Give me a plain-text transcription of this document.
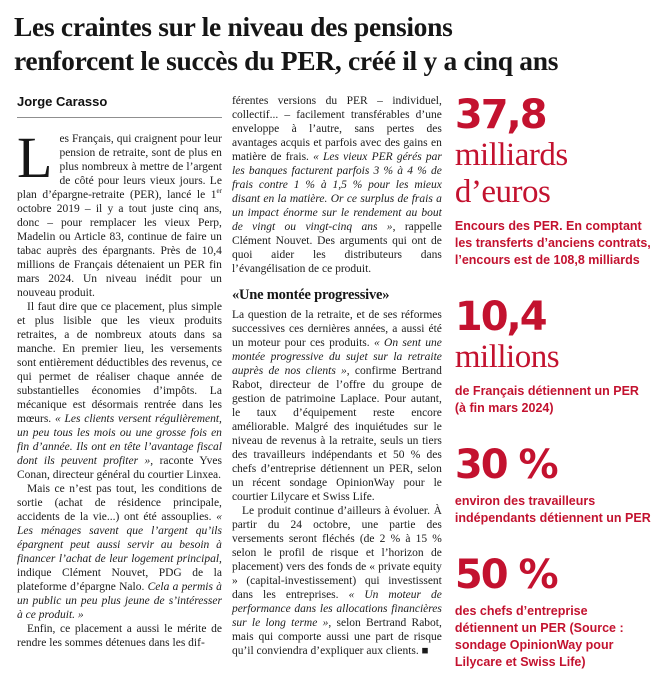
Les craintes sur le niveau des pensions
renforcent le succès du PER, créé il y a cinq ans
Jorge Carasso

Les Français, qui craignent pour leur pension de retraite, sont de plus en plus nombreux à mettre de l’argent de côté pour leurs vieux jours. Le plan d’épargne-retraite (PER), lancé le 1er octobre 2019 – il y a tout juste cinq ans, donc – pour remplacer les vieux Perp, Madelin ou Article 83, continue de faire un tabac auprès des épargnants. Près de 10,4 millions de Français détenaient un PER fin mars 2024. Un niveau inédit pour un nouveau produit.

Il faut dire que ce placement, plus simple et plus lisible que les vieux produits retraites, a de nombreux atouts dans sa manche. En premier lieu, les versements sont entièrement déductibles des revenus, ce qui permet de réaliser chaque année de substantielles économies d’impôts. La mécanique est désormais rentrée dans les mœurs. « Les clients versent régulièrement, un peu tous les mois ou une grosse fois en fin d’année. Ils ont en tête l’avantage fiscal dont ils peuvent profiter », raconte Yves Conan, directeur général du courtier Linxea.

Mais ce n’est pas tout, les conditions de sortie (achat de résidence principale, accidents de la vie...) ont été assouplies. « Les ménages savent que l’argent qu’ils épargnent peut aussi servir au besoin à financer l’achat de leur logement principal, indique Clément Nouvet, PDG de la plateforme d’épargne Nalo. Cela a permis à un public un peu plus jeune de s’intéresser à ce produit. »

Enfin, ce placement a aussi le mérite de rendre les sommes détenues dans les dif-

férentes versions du PER – individuel, collectif... – facilement transférables d’une enveloppe à l’autre, sans pertes des avantages acquis et parfois avec des gains en matière de frais. « Les vieux PER gérés par les banques facturent parfois 3 % à 4 % de frais contre 1 % à 1,5 % pour les mieux disant en la matière. Or ce surplus de frais a un impact énorme sur le rendement au bout de vingt ou vingt-cinq ans », rappelle Clément Nouvet. Des arguments qui ont de quoi aider les distributeurs dans l’évangélisation de ce produit.

«Une montée progressive»

La question de la retraite, et de ses réformes successives ces dernières années, a aussi été un moteur pour ces produits. « On sent une montée progressive du sujet sur la retraite auprès de nos clients », confirme Bertrand Rabot, directeur de l’offre du groupe de gestion de patrimoine Laplace. Pour autant, le taux d’équipement reste encore améliorable. Malgré des inquiétudes sur le niveau de revenus à la retraite, seuls un tiers des travailleurs indépendants et 50 % des chefs d’entreprise détiennent un PER, selon un récent sondage OpinionWay pour le courtier Lilycare et Swiss Life.

Le produit continue d’ailleurs à évoluer. À partir du 24 octobre, une partie des versements seront fléchés (de 2 % à 15 % selon le profil de risque et l’horizon de placement) vers des fonds de « private equity » (capital-investissement) qui investissent dans les entreprises. « Un moteur de performance dans les allocations financières sur le long terme », selon Bertrand Rabot, mais qui comporte aussi une part de risque qu’il conviendra d’expliquer aux clients. ■

37,8
milliards d’euros
Encours des PER. En comptant les transferts d’anciens contrats, l’encours est de 108,8 milliards
10,4
millions
de Français détiennent un PER (à fin mars 2024)
30 %
environ des travailleurs indépendants détiennent un PER
50 %
des chefs d’entreprise détiennent un PER (Source : sondage OpinionWay pour Lilycare et Swiss Life)
